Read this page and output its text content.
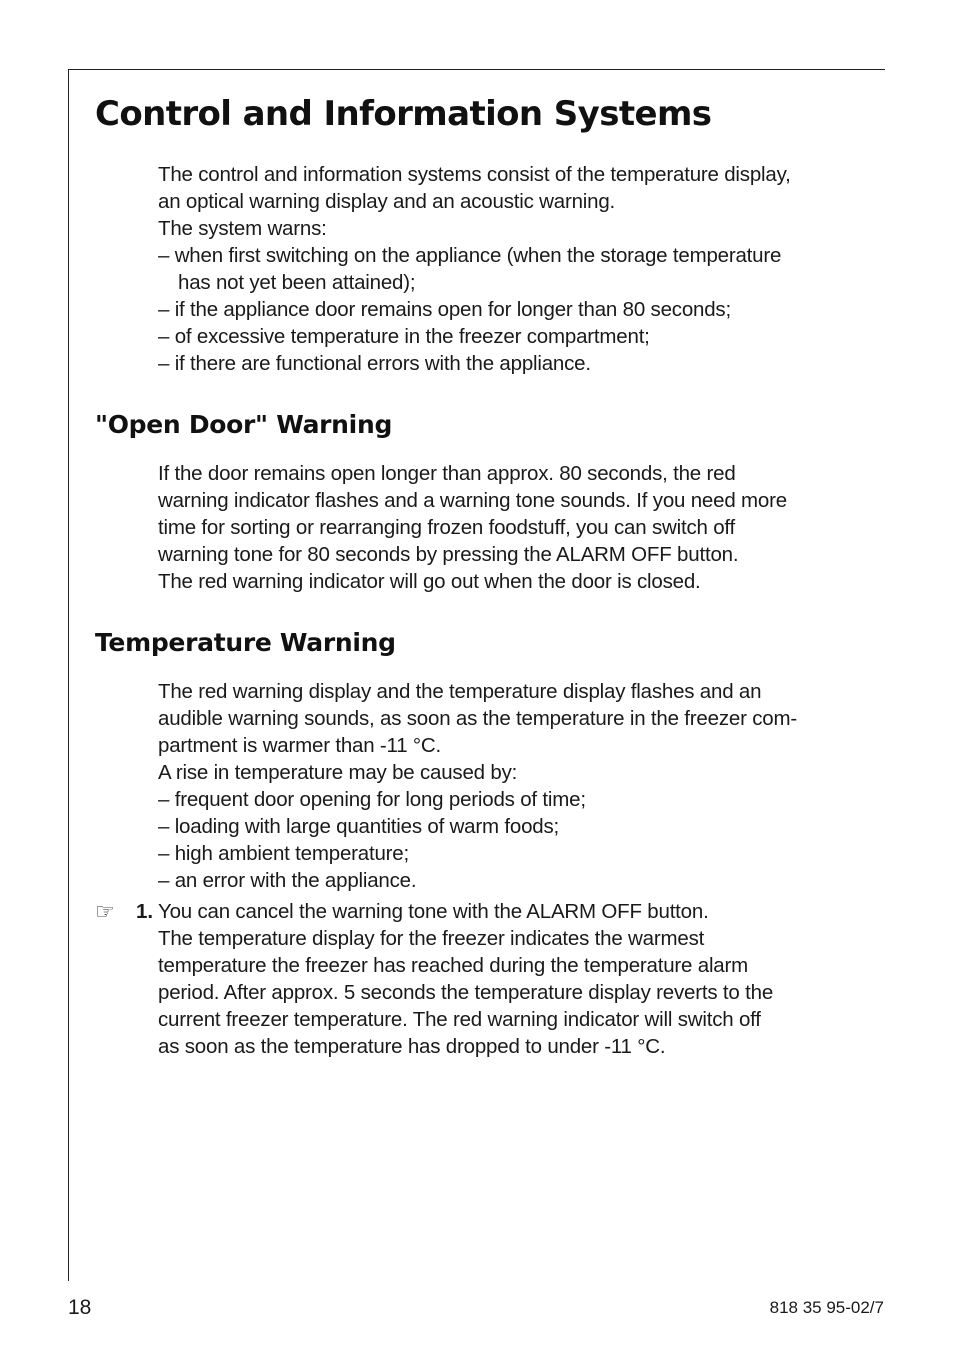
Control and Information Systems
The control and information systems consist of the temperature display,
an optical warning display and an acoustic warning.
The system warns:
– when first switching on the appliance (when the storage temperature
has not yet been attained);
– if the appliance door remains open for longer than 80 seconds;
– of excessive temperature in the freezer compartment;
– if there are functional errors with the appliance.
"Open Door" Warning
If the door remains open longer than approx. 80 seconds, the red
warning indicator flashes and a warning tone sounds. If you need more
time for sorting or rearranging frozen foodstuff, you can switch off
warning tone for 80 seconds by pressing the ALARM OFF button.
The red warning indicator will go out when the door is closed.
Temperature Warning
The red warning display and the temperature display flashes and an
audible warning sounds, as soon as the temperature in the freezer com-
partment is warmer than -11 °C.
A rise in temperature may be caused by:
– frequent door opening for long periods of time;
– loading with large quantities of warm foods;
– high ambient temperature;
– an error with the appliance.
☞ 1. You can cancel the warning tone with the ALARM OFF button.
The temperature display for the freezer indicates the warmest
temperature the freezer has reached during the temperature alarm
period. After approx. 5 seconds the temperature display reverts to the
current freezer temperature. The red warning indicator will switch off
as soon as the temperature has dropped to under -11 °C.
18	818 35 95-02/7
